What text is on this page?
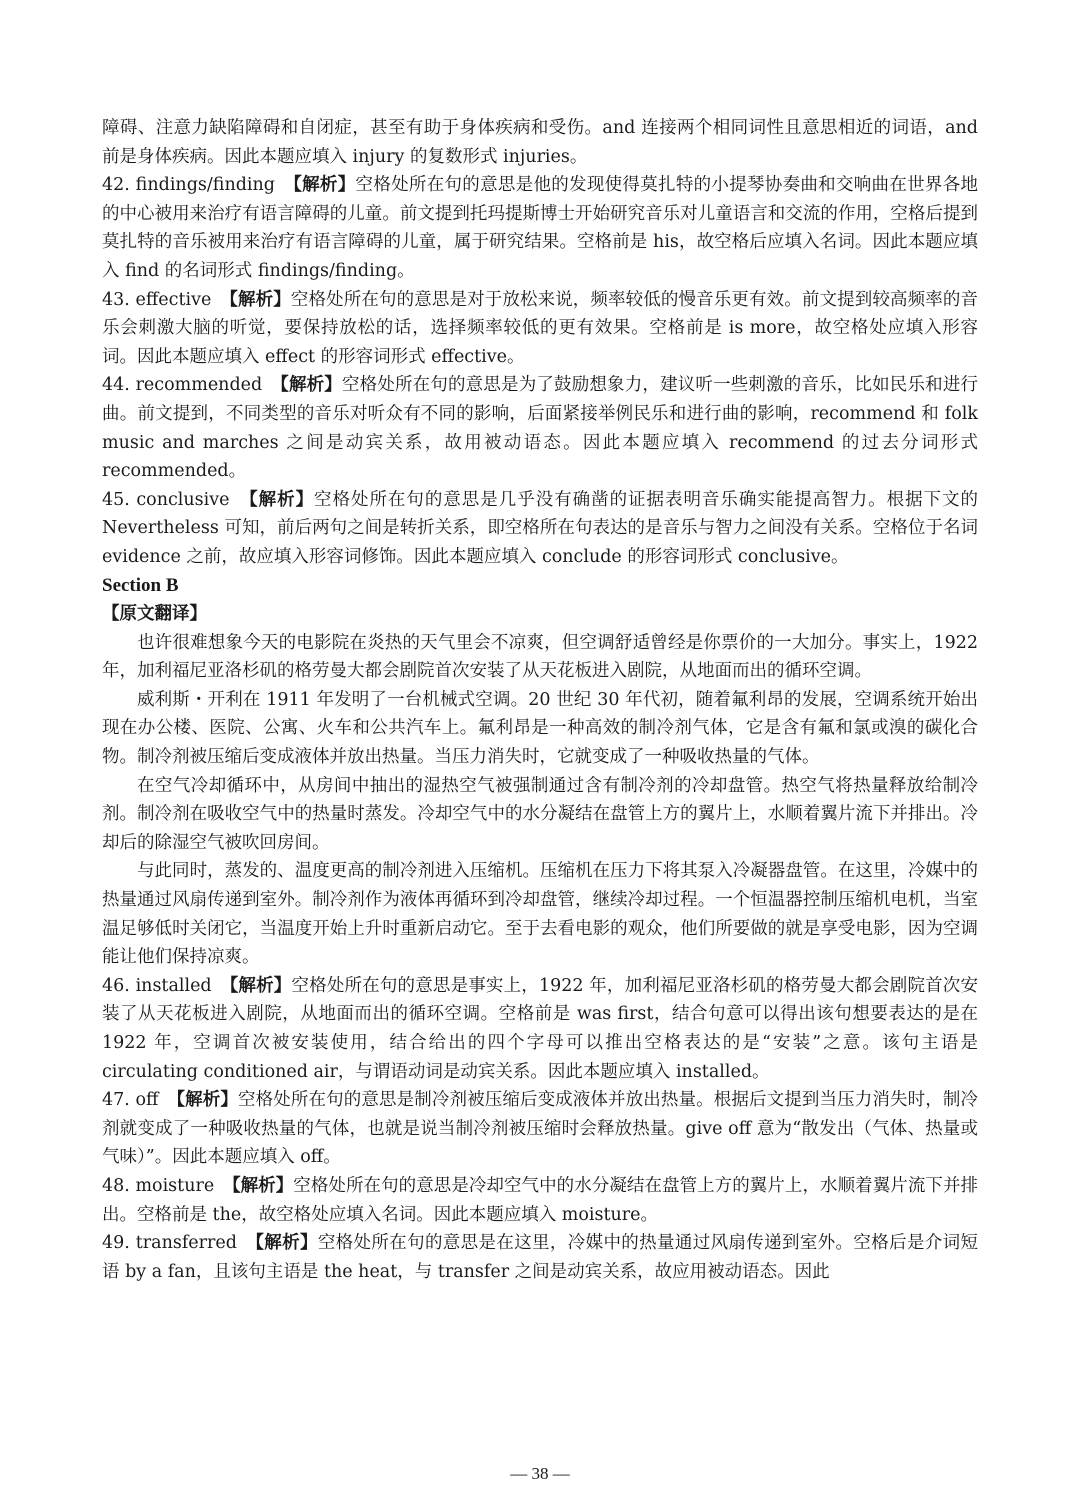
障碍、注意力缺陷障碍和自闭症，甚至有助于身体疾病和受伤。and 连接两个相同词性且意思相近的词语，and 前是身体疾病。因此本题应填入 injury 的复数形式 injuries。

42. findings/finding　【解析】空格处所在句的意思是他的发现使得莫扎特的小提琴协奏曲和交响曲在世界各地的中心被用来治疗有语言障碍的儿童。前文提到托玛提斯博士开始研究音乐对儿童语言和交流的作用，空格后提到莫扎特的音乐被用来治疗有语言障碍的儿童，属于研究结果。空格前是 his，故空格后应填入名词。因此本题应填入 find 的名词形式 findings/finding。

43. effective　【解析】空格处所在句的意思是对于放松来说，频率较低的慢音乐更有效。前文提到较高频率的音乐会刺激大脑的听觉，要保持放松的话，选择频率较低的更有效果。空格前是 is more，故空格处应填入形容词。因此本题应填入 effect 的形容词形式 effective。

44. recommended　【解析】空格处所在句的意思是为了鼓励想象力，建议听一些刺激的音乐，比如民乐和进行曲。前文提到，不同类型的音乐对听众有不同的影响，后面紧接举例民乐和进行曲的影响，recommend 和 folk music and marches 之间是动宾关系，故用被动语态。因此本题应填入 recommend 的过去分词形式 recommended。

45. conclusive　【解析】空格处所在句的意思是几乎没有确凿的证据表明音乐确实能提高智力。根据下文的 Nevertheless 可知，前后两句之间是转折关系，即空格所在句表达的是音乐与智力之间没有关系。空格位于名词 evidence 之前，故应填入形容词修饰。因此本题应填入 conclude 的形容词形式 conclusive。

Section B

【原文翻译】

也许很难想象今天的电影院在炎热的天气里会不凉爽，但空调舒适曾经是你票价的一大加分。事实上，1922 年，加利福尼亚洛杉矶的格劳曼大都会剧院首次安装了从天花板进入剧院，从地面而出的循环空调。

威利斯・开利在 1911 年发明了一台机械式空调。20 世纪 30 年代初，随着氟利昂的发展，空调系统开始出现在办公楼、医院、公寓、火车和公共汽车上。氟利昂是一种高效的制冷剂气体，它是含有氟和氯或溴的碳化合物。制冷剂被压缩后变成液体并放出热量。当压力消失时，它就变成了一种吸收热量的气体。

在空气冷却循环中，从房间中抽出的湿热空气被强制通过含有制冷剂的冷却盘管。热空气将热量释放给制冷剂。制冷剂在吸收空气中的热量时蒸发。冷却空气中的水分凝结在盘管上方的翼片上，水顺着翼片流下并排出。冷却后的除湿空气被吹回房间。

与此同时，蒸发的、温度更高的制冷剂进入压缩机。压缩机在压力下将其泵入冷凝器盘管。在这里，冷媒中的热量通过风扇传递到室外。制冷剂作为液体再循环到冷却盘管，继续冷却过程。一个恒温器控制压缩机电机，当室温足够低时关闭它，当温度开始上升时重新启动它。至于去看电影的观众，他们所要做的就是享受电影，因为空调能让他们保持凉爽。

46. installed　【解析】空格处所在句的意思是事实上，1922 年，加利福尼亚洛杉矶的格劳曼大都会剧院首次安装了从天花板进入剧院，从地面而出的循环空调。空格前是 was first，结合句意可以得出该句想要表达的是在 1922 年，空调首次被安装使用，结合给出的四个字母可以推出空格表达的是“安装”之意。该句主语是 circulating conditioned air，与谓语动词是动宾关系。因此本题应填入 installed。

47. off　【解析】空格处所在句的意思是制冷剂被压缩后变成液体并放出热量。根据后文提到当压力消失时，制冷剂就变成了一种吸收热量的气体，也就是说当制冷剂被压缩时会释放热量。give off 意为“散发出（气体、热量或气味）”。因此本题应填入 off。

48. moisture　【解析】空格处所在句的意思是冷却空气中的水分凝结在盘管上方的翼片上，水顺着翼片流下并排出。空格前是 the，故空格处应填入名词。因此本题应填入 moisture。

49. transferred　【解析】空格处所在句的意思是在这里，冷媒中的热量通过风扇传递到室外。空格后是介词短语 by a fan，且该句主语是 the heat，与 transfer 之间是动宾关系，故应用被动语态。因此

— 38 —
